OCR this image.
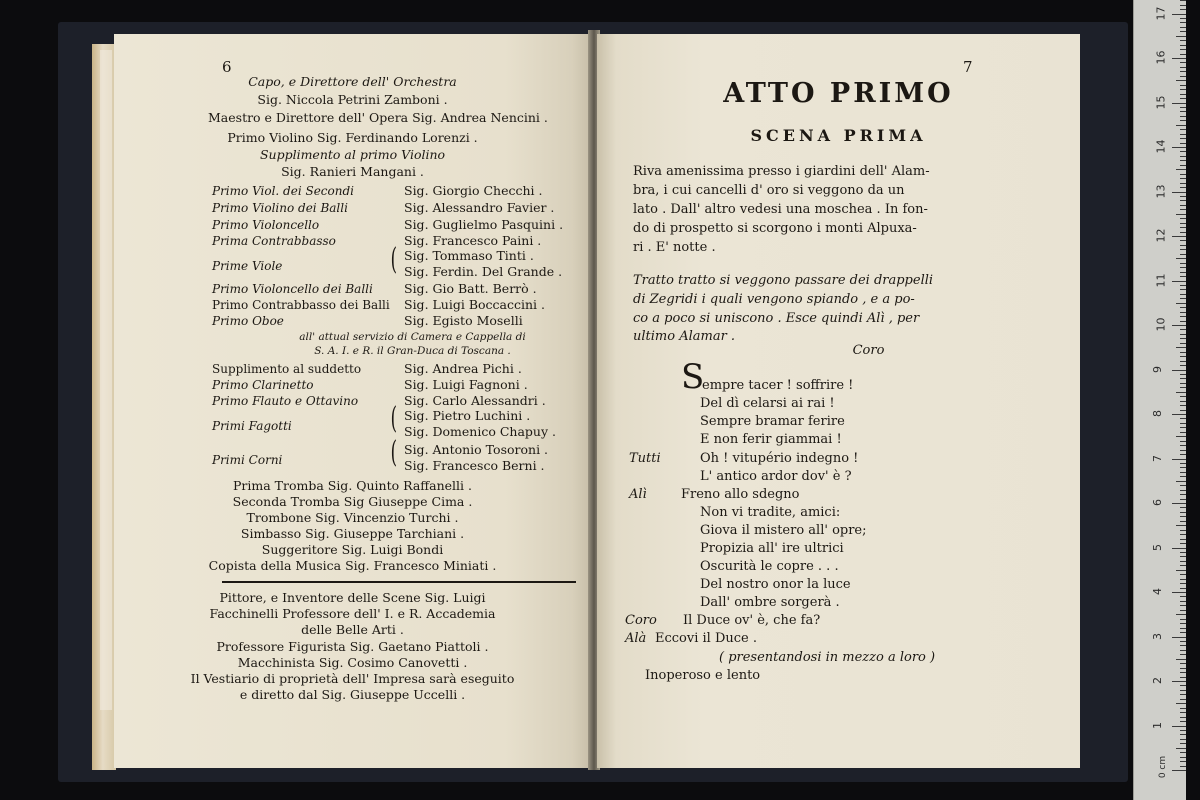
6
Capo, e Direttore dell' Orchestra
Sig. Niccola Petrini Zamboni .
Maestro e Direttore dell' Opera Sig. Andrea Nencini .
Primo Violino Sig. Ferdinando Lorenzi .
Supplimento al primo Violino
Sig. Ranieri Mangani .
Primo Viol. dei Secondi	Sig. Giorgio Checchi .
Primo Violino dei Balli	Sig. Alessandro Favier .
Primo Violoncello	Sig. Guglielmo Pasquini .
Prima Contrabbasso	Sig. Francesco Paini .
Prime Viole	( Sig. Tommaso Tinti .
Sig. Ferdin. Del Grande .
Primo Violoncello dei Balli Sig. Gio Batt. Berrò .
Primo Contrabbasso dei Balli Sig. Luigi Boccaccini .
Primo Oboe	Sig. Egisto Moselli
all' attual servizio di Camera e Cappella di
S. A. I. e R. il Gran-Duca di Toscana .
Supplimento al suddetto	Sig. Andrea Pichi .
Primo Clarinetto	Sig. Luigi Fagnoni .
Primo Flauto e Ottavino	Sig. Carlo Alessandri .
Primi Fagotti	( Sig. Pietro Luchini .
Sig. Domenico Chapuy .
Primi Corni	( Sig. Antonio Tosoroni .
Sig. Francesco Berni .
Prima Tromba Sig. Quinto Raffanelli .
Seconda Tromba Sig Giuseppe Cima .
Trombone Sig. Vincenzio Turchi .
Simbasso Sig. Giuseppe Tarchiani .
Suggeritore Sig. Luigi Bondi
Copista della Musica Sig. Francesco Miniati .
Pittore, e Inventore delle Scene Sig. Luigi
Facchinelli Professore dell' I. e R. Accademia
delle Belle Arti .
Professore Figurista Sig. Gaetano Piattoli .
Macchinista Sig. Cosimo Canovetti .
Il Vestiario di proprietà dell' Impresa sarà eseguito
e diretto dal Sig. Giuseppe Uccelli .
7
ATTO PRIMO
SCENA PRIMA
Riva amenissima presso i giardini dell' Alam-
bra, i cui cancelli d' oro si veggono da un
lato . Dall' altro vedesi una moschea . In fon-
do di prospetto si scorgono i monti Alpuxa-
ri . E' notte .
Tratto tratto si veggono passare dei drappelli
di Zegridi i quali vengono spiando , e a po-
co a poco si uniscono . Esce quindi Alì , per
ultimo Alamar .
Coro
S
empre tacer ! soffrire !
Del dì celarsi ai rai !
Sempre bramar ferire
E non ferir giammai !
Tutti	Oh ! vitupério indegno !
L' antico ardor dov' è ?
Alì	Freno allo sdegno
Non vi tradite, amici:
Giova il mistero all' opre;
Propizia all' ire ultrici
Oscurità le copre . . .
Del nostro onor la luce
Dall' ombre sorgerà .
Coro Il Duce ov' è, che fa?
Alà Eccovi il Duce .
( presentandosi in mezzo a loro )
Inoperoso e lento
1
2
3
4
5
6
7
8
9
10
11
12
13
14
15
16
17
0 cm
